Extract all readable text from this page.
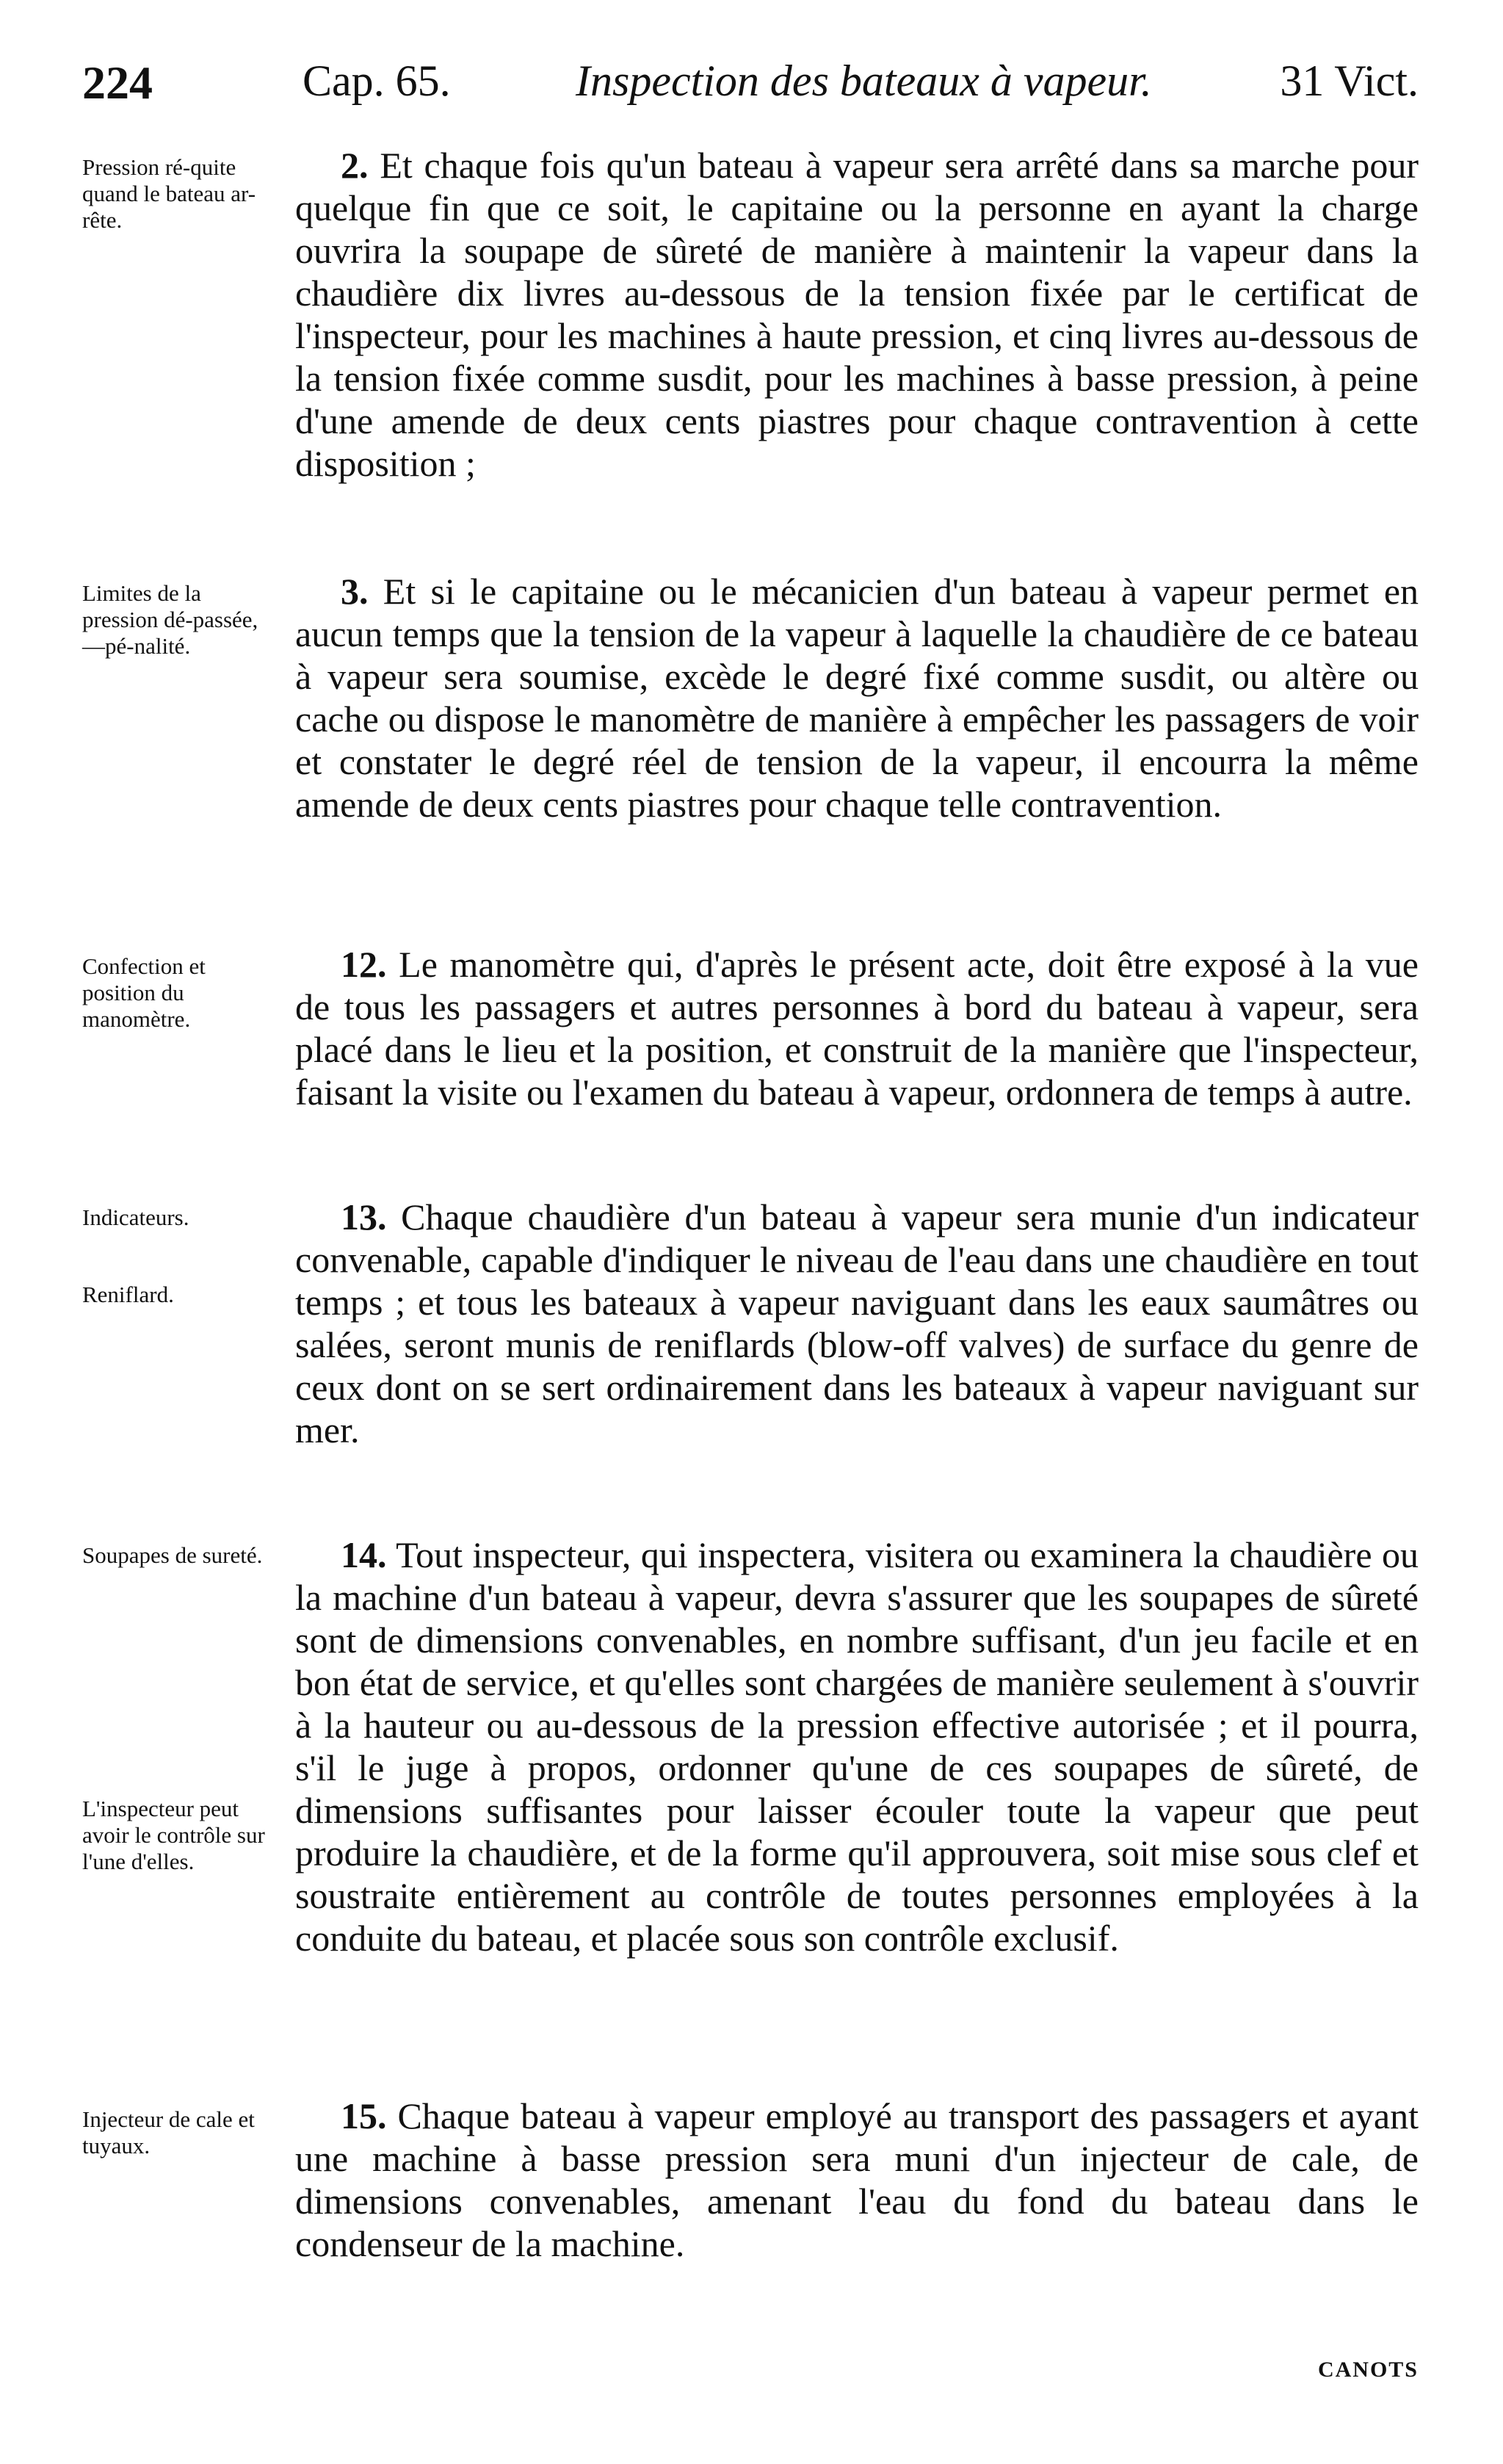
224	Cap. 65.	Inspection des bateaux à vapeur.	31 Vict.
Pression ré-quite quand le bateau ar-rête.
Limites de la pression dé-passée,—pé-nalité.
Confection et position du manomètre.
Indicateurs.
Reniflard.
Soupapes de sureté.
L'inspecteur peut avoir le contrôle sur l'une d'elles.
Injecteur de cale et tuyaux.
2. Et chaque fois qu'un bateau à vapeur sera arrêté dans sa marche pour quelque fin que ce soit, le capitaine ou la personne en ayant la charge ouvrira la soupape de sûreté de manière à maintenir la vapeur dans la chaudière dix livres au-dessous de la tension fixée par le certificat de l'inspecteur, pour les machines à haute pression, et cinq livres au-dessous de la tension fixée comme susdit, pour les machines à basse pression, à peine d'une amende de deux cents piastres pour chaque contravention à cette disposition ;
3. Et si le capitaine ou le mécanicien d'un bateau à vapeur permet en aucun temps que la tension de la vapeur à laquelle la chaudière de ce bateau à vapeur sera soumise, excède le degré fixé comme susdit, ou altère ou cache ou dispose le manomètre de manière à empêcher les passagers de voir et constater le degré réel de tension de la vapeur, il encourra la même amende de deux cents piastres pour chaque telle contravention.
12. Le manomètre qui, d'après le présent acte, doit être exposé à la vue de tous les passagers et autres personnes à bord du bateau à vapeur, sera placé dans le lieu et la position, et construit de la manière que l'inspecteur, faisant la visite ou l'examen du bateau à vapeur, ordonnera de temps à autre.
13. Chaque chaudière d'un bateau à vapeur sera munie d'un indicateur convenable, capable d'indiquer le niveau de l'eau dans une chaudière en tout temps ; et tous les bateaux à vapeur naviguant dans les eaux saumâtres ou salées, seront munis de reniflards (blow-off valves) de surface du genre de ceux dont on se sert ordinairement dans les bateaux à vapeur naviguant sur mer.
14. Tout inspecteur, qui inspectera, visitera ou examinera la chaudière ou la machine d'un bateau à vapeur, devra s'assurer que les soupapes de sûreté sont de dimensions convenables, en nombre suffisant, d'un jeu facile et en bon état de service, et qu'elles sont chargées de manière seulement à s'ouvrir à la hauteur ou au-dessous de la pression effective autorisée ; et il pourra, s'il le juge à propos, ordonner qu'une de ces soupapes de sûreté, de dimensions suffisantes pour laisser écouler toute la vapeur que peut produire la chaudière, et de la forme qu'il approuvera, soit mise sous clef et soustraite entièrement au contrôle de toutes personnes employées à la conduite du bateau, et placée sous son contrôle exclusif.
15. Chaque bateau à vapeur employé au transport des passagers et ayant une machine à basse pression sera muni d'un injecteur de cale, de dimensions convenables, amenant l'eau du fond du bateau dans le condenseur de la machine.
CANOTS
